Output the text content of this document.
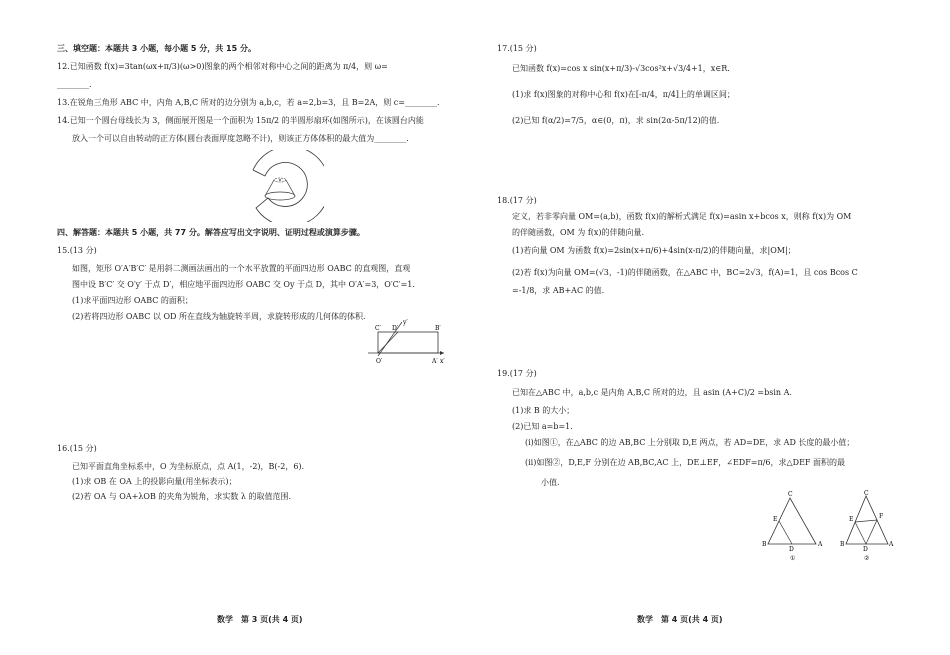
三、填空题：本题共 3 小题，每小题 5 分，共 15 分。
12.已知函数 f(x)=3tan(ωx+π/3)(ω>0)图象的两个相邻对称中心之间的距离为 π/4，则 ω=
________.
13.在锐角三角形 ABC 中，内角 A,B,C 所对的边分别为 a,b,c，若 a=2,b=3，且 B=2A，则 c=________.
14.已知一个圆台母线长为 3，侧面展开图是一个面积为 15π/2 的半圆形扇环(如图所示)，在该圆台内能
放入一个可以自由转动的正方体(圆台表面厚度忽略不计)，则该正方体体积的最大值为________.
四、解答题：本题共 5 小题，共 77 分。解答应写出文字说明、证明过程或演算步骤。
15.(13 分)
如图，矩形 O′A′B′C′ 是用斜二测画法画出的一个水平放置的平面四边形 OABC 的直观图，直观
图中设 B′C′ 交 O′y′ 于点 D′，相应地平面四边形 OABC 交 Oy 于点 D，其中 O′A′=3，O′C′=1.
(1)求平面四边形 OABC 的面积；
(2)若将四边形 OABC 以 OD 所在直线为轴旋转半周，求旋转形成的几何体的体积.
C′ D′
y′
B′
O′	A′ x′
16.(15 分)
已知平面直角坐标系中，O 为坐标原点，点 A(1，-2)，B(-2，6).
(1)求 OB 在 OA 上的投影向量(用坐标表示)；
(2)若 OA 与 OA+λOB 的夹角为锐角，求实数 λ 的取值范围.
数学　第 3 页(共 4 页)
17.(15 分)
已知函数 f(x)=cos x sin(x+π/3)-√3cos²x+√3/4+1，x∈R.
(1)求 f(x)图象的对称中心和 f(x)在[-π/4，π/4]上的单调区间；
(2)已知 f(α/2)=7/5，α∈(0，π)，求 sin(2α-5π/12)的值.
18.(17 分)
定义，若非零向量 OM=(a,b)，函数 f(x)的解析式满足 f(x)=asin x+bcos x，则称 f(x)为 OM
的伴随函数，OM 为 f(x)的伴随向量.
(1)若向量 OM 为函数 f(x)=2sin(x+π/6)+4sin(x-π/2)的伴随向量，求|OM|；
(2)若 f(x)为向量 OM=(√3，-1)的伴随函数，在△ABC 中，BC=2√3，f(A)=1，且 cos Bcos C
=-1/8，求 AB+AC 的值.
19.(17 分)
已知在△ABC 中，a,b,c 是内角 A,B,C 所对的边，且 asin (A+C)/2 =bsin A.
(1)求 B 的大小；
(2)已知 a=b=1.
(i)如图①，在△ABC 的边 AB,BC 上分别取 D,E 两点，若 AD=DE，求 AD 长度的最小值；
(ii)如图②，D,E,F 分别在边 AB,BC,AC 上，DE⊥EF，∠EDF=π/6，求△DEF 面积的最
小值.
C
E
B
D
A
①
C
E	F
B
D
A
②
数学　第 4 页(共 4 页)
